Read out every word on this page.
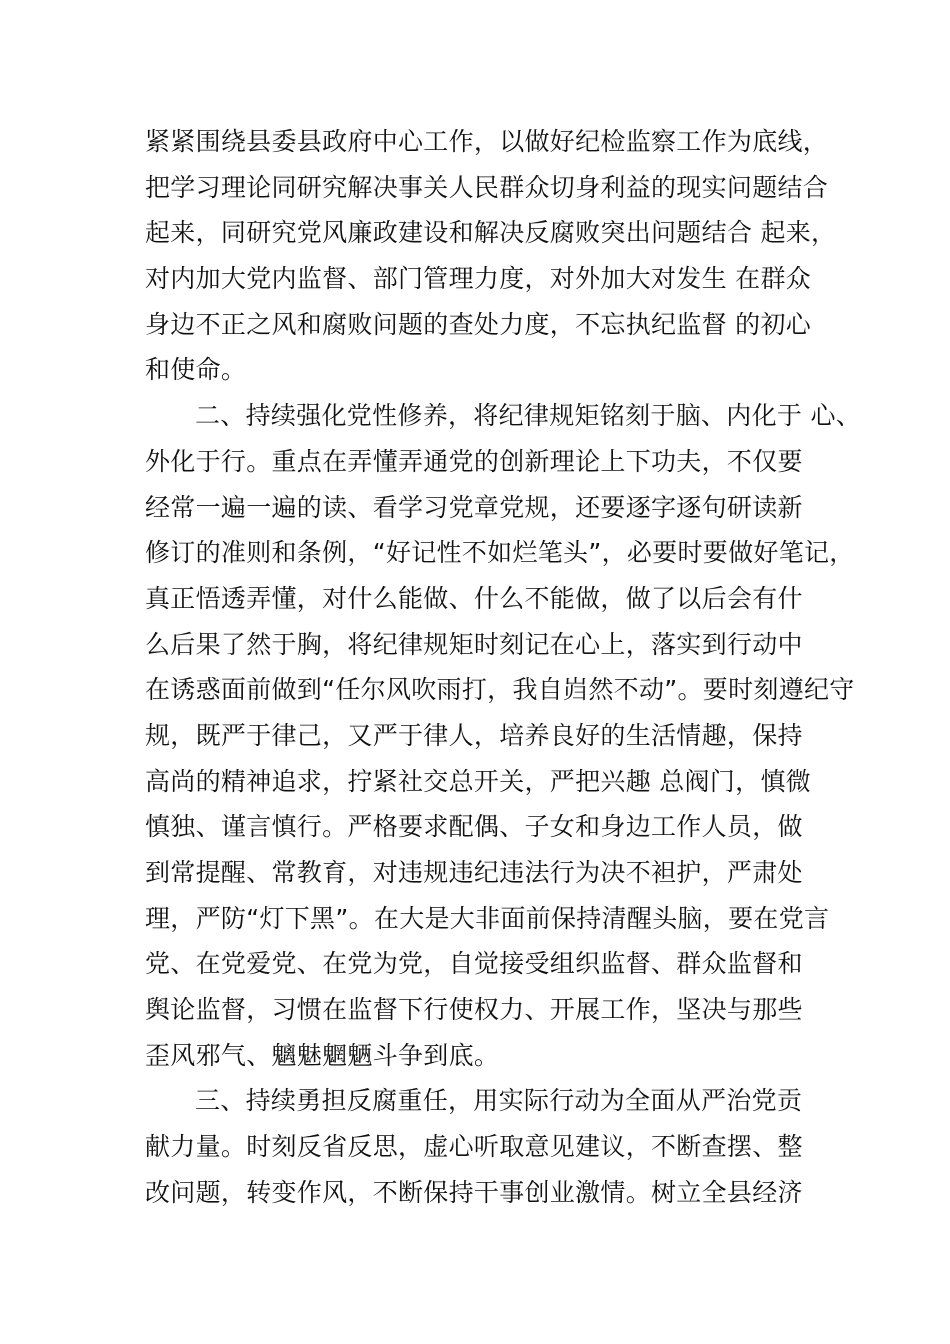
紧紧围绕县委县政府中心工作，以做好纪检监察工作为底线，
把学习理论同研究解决事关人民群众切身利益的现实问题结合
起来，同研究党风廉政建设和解决反腐败突出问题结合 起来，
对内加大党内监督、部门管理力度，对外加大对发生 在群众
身边不正之风和腐败问题的查处力度，不忘执纪监督 的初心
和使命。
二、持续强化党性修养，将纪律规矩铭刻于脑、内化于 心、
外化于行。重点在弄懂弄通党的创新理论上下功夫，不仅要
经常一遍一遍的读、看学习党章党规，还要逐字逐句研读新
修订的准则和条例，“好记性不如烂笔头”，必要时要做好笔记，
真正悟透弄懂，对什么能做、什么不能做，做了以后会有什
么后果了然于胸，将纪律规矩时刻记在心上，落实到行动中
在诱惑面前做到“任尔风吹雨打，我自岿然不动”。要时刻遵纪守
规，既严于律己，又严于律人，培养良好的生活情趣，保持
高尚的精神追求，拧紧社交总开关，严把兴趣 总阀门，慎微
慎独、谨言慎行。严格要求配偶、子女和身边工作人员，做
到常提醒、常教育，对违规违纪违法行为决不袒护，严肃处
理，严防“灯下黑”。在大是大非面前保持清醒头脑，要在党言
党、在党爱党、在党为党，自觉接受组织监督、群众监督和
舆论监督，习惯在监督下行使权力、开展工作，坚决与那些
歪风邪气、魑魅魍魉斗争到底。
三、持续勇担反腐重任，用实际行动为全面从严治党贡
献力量。时刻反省反思，虚心听取意见建议，不断查摆、整
改问题，转变作风，不断保持干事创业激情。树立全县经济
